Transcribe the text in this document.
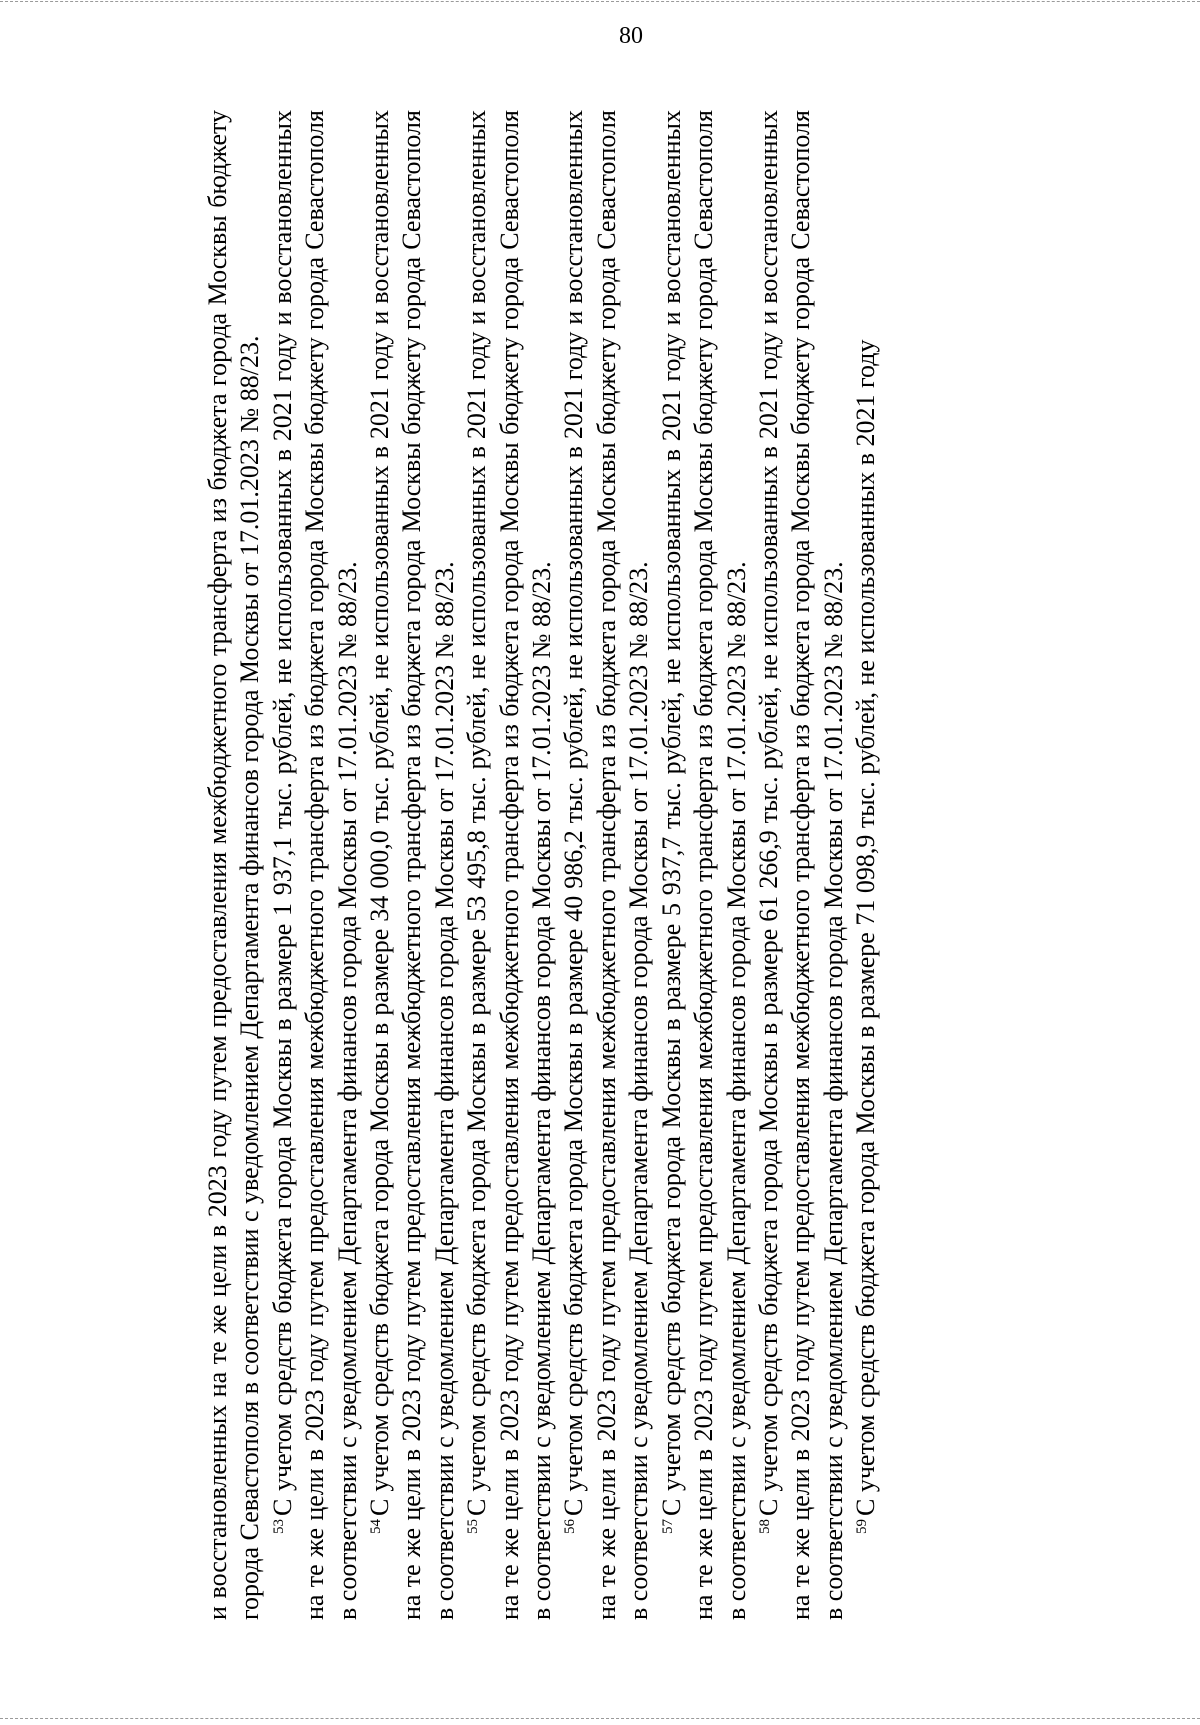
80

и восстановленных на те же цели в 2023 году путем предоставления межбюджетного трансферта из бюджета города Москвы бюджету города Севастополя в соответствии с уведомлением Департамента финансов города Москвы от 17.01.2023 № 88/23. $^{53}$С учетом средств бюджета города Москвы в размере 1 937,1 тыс. рублей, не использованных в 2021 году и восстановленных на те же цели в 2023 году путем предоставления межбюджетного трансферта из бюджета города Москвы бюджету города Севастополя в соответствии с уведомлением Департамента финансов города Москвы от 17.01.2023 № 88/23. $^{54}$С учетом средств бюджета города Москвы в размере 34 000,0 тыс. рублей, не использованных в 2021 году и восстановленных на те же цели в 2023 году путем предоставления межбюджетного трансферта из бюджета города Москвы бюджету города Севастополя в соответствии с уведомлением Департамента финансов города Москвы от 17.01.2023 № 88/23. $^{55}$С учетом средств бюджета города Москвы в размере 53 495,8 тыс. рублей, не использованных в 2021 году и восстановленных на те же цели в 2023 году путем предоставления межбюджетного трансферта из бюджета города Москвы бюджету города Севастополя в соответствии с уведомлением Департамента финансов города Москвы от 17.01.2023 № 88/23. $^{56}$С учетом средств бюджета города Москвы в размере 40 986,2 тыс. рублей, не использованных в 2021 году и восстановленных на те же цели в 2023 году путем предоставления межбюджетного трансферта из бюджета города Москвы бюджету города Севастополя в соответствии с уведомлением Департамента финансов города Москвы от 17.01.2023 № 88/23. $^{57}$С учетом средств бюджета города Москвы в размере 5 937,7 тыс. рублей, не использованных в 2021 году и восстановленных на те же цели в 2023 году путем предоставления межбюджетного трансферта из бюджета города Москвы бюджету города Севастополя в соответствии с уведомлением Департамента финансов города Москвы от 17.01.2023 № 88/23. $^{58}$С учетом средств бюджета города Москвы в размере 61 266,9 тыс. рублей, не использованных в 2021 году и восстановленных на те же цели в 2023 году путем предоставления межбюджетного трансферта из бюджета города Москвы бюджету города Севастополя в соответствии с уведомлением Департамента финансов города Москвы от 17.01.2023 № 88/23. $^{59}$С учетом средств бюджета города Москвы в размере 71 098,9 тыс. рублей, не использованных в 2021 году
